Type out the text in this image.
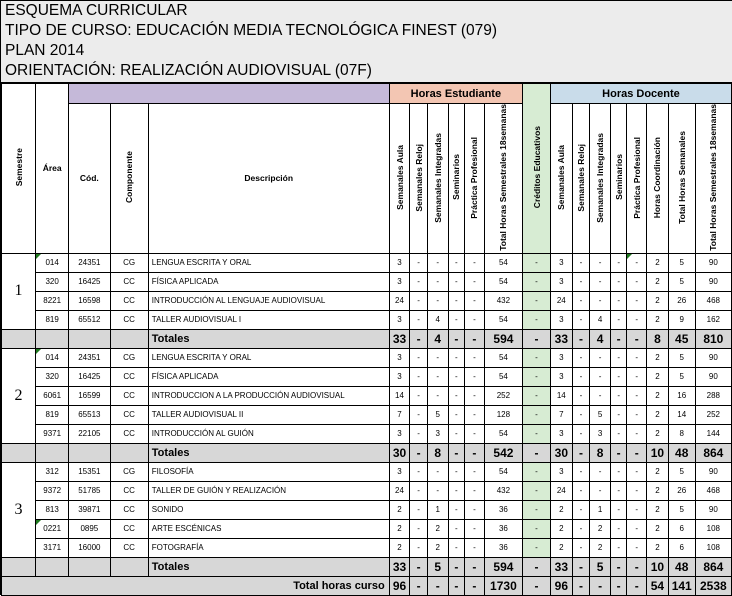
ESQUEMA CURRICULAR
TIPO DE CURSO: EDUCACIÓN MEDIA TECNOLÓGICA FINEST (079)
PLAN 2014
ORIENTACIÓN: REALIZACIÓN AUDIOVISUAL (07F)
Semestre	Área				Horas Estudiante						Créditos Educativos	Horas Docente							
		Cód.	Componente	Descripción	Semanales Aula	Semanales Reloj	Semanales Integradas	Seminarios	Práctica Profesional	Total Horas Semestrales 18semanas		Semanales Aula	Semanales Reloj	Semanales Integradas	Seminarios	Práctica Profesional	Horas Coordinación	Total Horas Semanales	Total Horas Semestrales 18semanas
1	014	24351	CG	LENGUA ESCRITA Y ORAL	3	-	-	-	-	54	-	3	-	-	-	-	2	5	90
	320	16425	CC	FÍSICA APLICADA	3	-	-	-	-	54	-	3	-	-	-	-	2	5	90
	8221	16598	CC	INTRODUCCIÓN AL LENGUAJE AUDIOVISUAL	24	-	-	-	-	432	-	24	-	-	-	-	2	26	468
	819	65512	CC	TALLER AUDIOVISUAL I	3	-	4	-	-	54	-	3	-	4	-	-	2	9	162
				Totales	33	-	4	-	-	594	-	33	-	4	-	-	8	45	810
2	014	24351	CG	LENGUA ESCRITA Y ORAL	3	-	-	-	-	54	-	3	-	-	-	-	2	5	90
	320	16425	CC	FÍSICA APLICADA	3	-	-	-	-	54	-	3	-	-	-	-	2	5	90
	6061	16599	CC	INTRODUCCION A LA PRODUCCIÓN AUDIOVISUAL	14	-	-	-	-	252	-	14	-	-	-	-	2	16	288
	819	65513	CC	TALLER AUDIOVISUAL II	7	-	5	-	-	128	-	7	-	5	-	-	2	14	252
	9371	22105	CC	INTRODUCCIÓN AL GUIÓN	3	-	3	-	-	54	-	3	-	3	-	-	2	8	144
				Totales	30	-	8	-	-	542	-	30	-	8	-	-	10	48	864
3	312	15351	CG	FILOSOFÍA	3	-	-	-	-	54	-	3	-	-	-	-	2	5	90
	9372	51785	CC	TALLER DE GUIÓN Y REALIZACIÓN	24	-	-	-	-	432	-	24	-	-	-	-	2	26	468
	813	39871	CC	SONIDO	2	-	1	-	-	36	-	2	-	1	-	-	2	5	90
	0221	0895	CC	ARTE ESCÉNICAS	2	-	2	-	-	36	-	2	-	2	-	-	2	6	108
	3171	16000	CC	FOTOGRAFÍA	2	-	2	-	-	36	-	2	-	2	-	-	2	6	108
				Totales	33	-	5	-	-	594	-	33	-	5	-	-	10	48	864
Total horas curso					96	-	-	-	-	1730	-	96	-	-	-	-	54	141	2538
